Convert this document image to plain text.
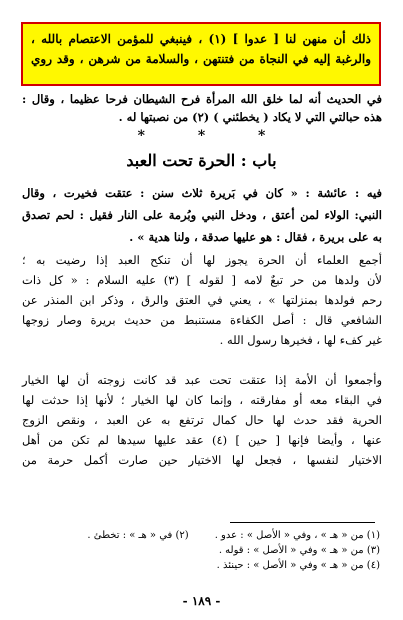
ذلك أن منهن لنا [ عدوا ] (١) ، فينبغي للمؤمن الاعتصام بالله ،
والرغبة إليه في النجاة من فتنتهن ، والسلامة من شرهن ، وقد روي
في الحديث أنه لما خلق الله المرأة فرح الشيطان فرحا عظيما ، وقال :
هذه حبالتي التي لا يكاد ( يخطئني ) (٢) من نصبتها له .
*	*	*
باب : الحرة تحت العبد
فيه : عائشة : « كان في بَريرة ثلاث سنن : عتقت فخيرت ، وقال
النبي: الولاء لمن أعتق ، ودخل النبي وبُرمة على النار فقيل : لحم تصدق
به على بريرة ، فقال : هو عليها صدقة ، ولنا هدية » .
أجمع العلماء أن الحرة يجوز لها أن تنكح العبد إذا رضيت به ؛
لأن ولدها من حر تبعٌ لامه [ لقوله ] (٣) عليه السلام : « كل ذات
رحم فولدها بمنزلتها » ، يعني في العتق والرق ، وذكر ابن المنذر عن
الشافعي قال : أصل الكفاءة مستنبط من حديث بريرة وصار زوجها
غير كفء لها ، فخيرها رسول الله .
وأجمعوا أن الأمة إذا عتقت تحت عبد قد كانت زوجته أن لها الخيار
في البقاء معه أو مفارقته ، وإنما كان لها الخيار ؛ لأنها إذا حدثت لها
الحرية فقد حدث لها حال كمال ترتفع به عن العبد ، ونقص الزوج
عنها ، وأيضا فإنها [ حين ] (٤) عقد عليها سيدها لم تكن من أهل
الاختيار لنفسها ، فجعل لها الاختيار حين صارت أكمل حرمة من
(١) من « هـ » ، وفي « الأصل » : عدو .
(٢) في « هـ » : تخطئ .
(٣) من « هـ » وفي « الأصل » : قوله .
(٤) من « هـ » وفي « الأصل » : حينئذ .
- ١٨٩ -
